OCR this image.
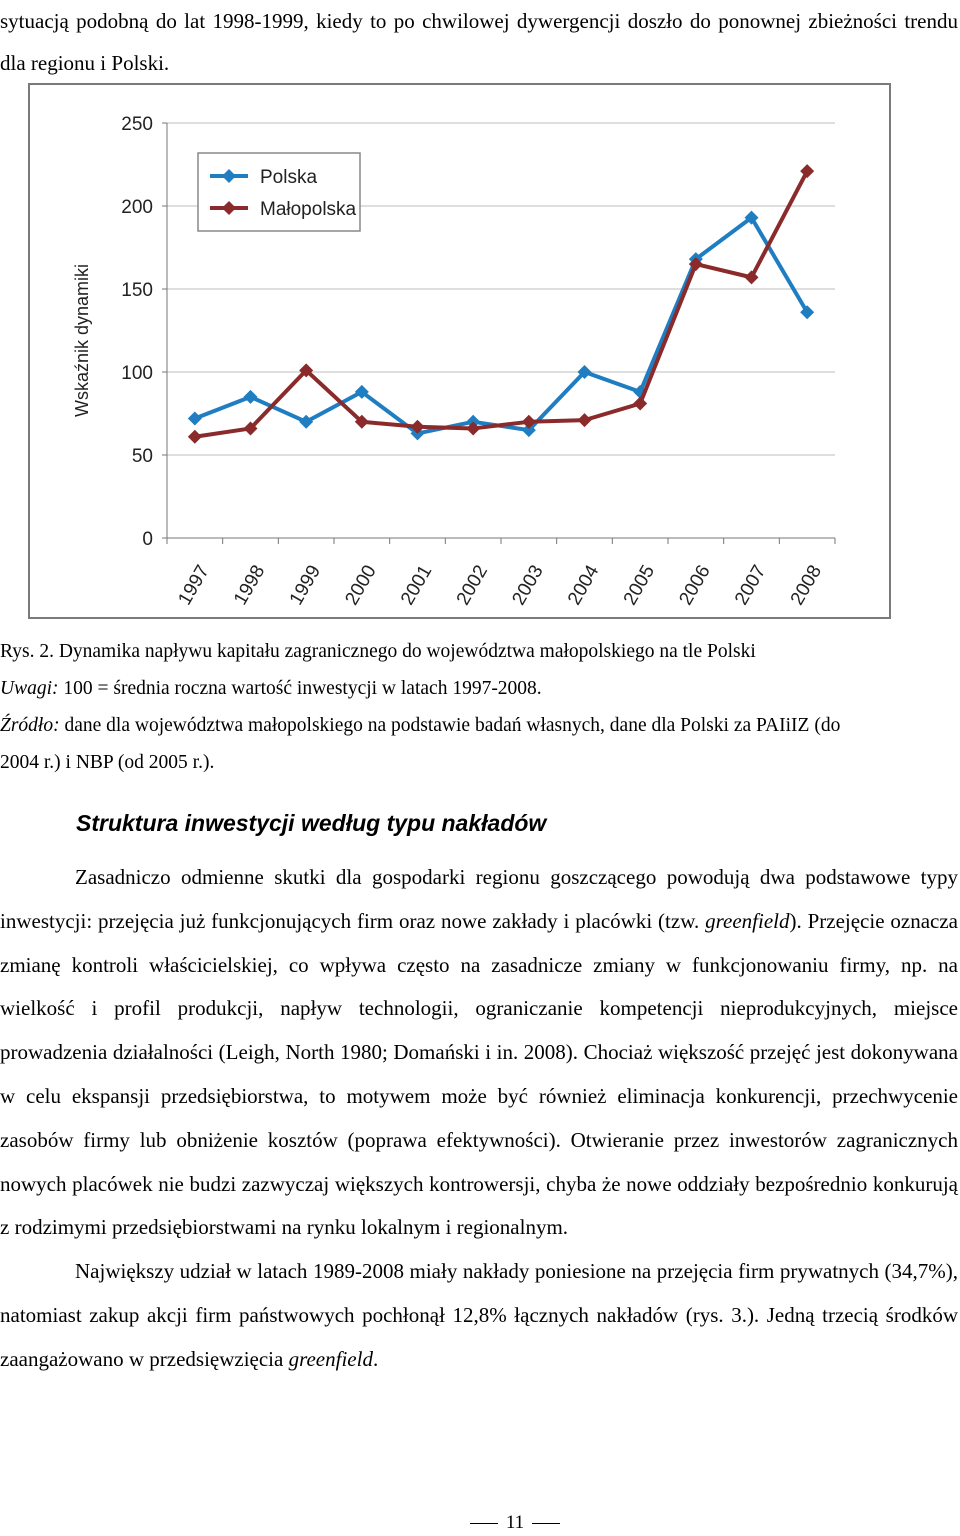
sytuacją podobną do lat 1998-1999, kiedy to po chwilowej dywergencji doszło do ponownej zbieżności trendu dla regionu i Polski.

0
50
100
150
200
250
1997 1998 1999 2000 2001 2002 2003 2004 2005 2006 2007 2008
Wskaźnik dynamiki
Polska
Małopolska
Rys. 2. Dynamika napływu kapitału zagranicznego do województwa małopolskiego na tle Polski
Uwagi: 100 = średnia roczna wartość inwestycji w latach 1997-2008.
Źródło: dane dla województwa małopolskiego na podstawie badań własnych, dane dla Polski za PAIiIZ (do
2004 r.) i NBP (od 2005 r.).
Struktura inwestycji według typu nakładów

Zasadniczo odmienne skutki dla gospodarki regionu goszczącego powodują dwa podstawowe typy inwestycji: przejęcia już funkcjonujących firm oraz nowe zakłady i placówki (tzw. greenfield). Przejęcie oznacza zmianę kontroli właścicielskiej, co wpływa często na zasadnicze zmiany w funkcjonowaniu firmy, np. na wielkość i profil produkcji, napływ technologii, ograniczanie kompetencji nieprodukcyjnych, miejsce prowadzenia działalności (Leigh, North 1980; Domański i in. 2008). Chociaż większość przejęć jest dokonywana w celu ekspansji przedsiębiorstwa, to motywem może być również eliminacja konkurencji, przechwycenie zasobów firmy lub obniżenie kosztów (poprawa efektywności). Otwieranie przez inwestorów zagranicznych nowych placówek nie budzi zazwyczaj większych kontrowersji, chyba że nowe oddziały bezpośrednio konkurują z rodzimymi przedsiębiorstwami na rynku lokalnym i regionalnym.

Największy udział w latach 1989-2008 miały nakłady poniesione na przejęcia firm prywatnych (34,7%), natomiast zakup akcji firm państwowych pochłonął 12,8% łącznych nakładów (rys. 3.). Jedną trzecią środków zaangażowano w przedsięwzięcia greenfield.

11
